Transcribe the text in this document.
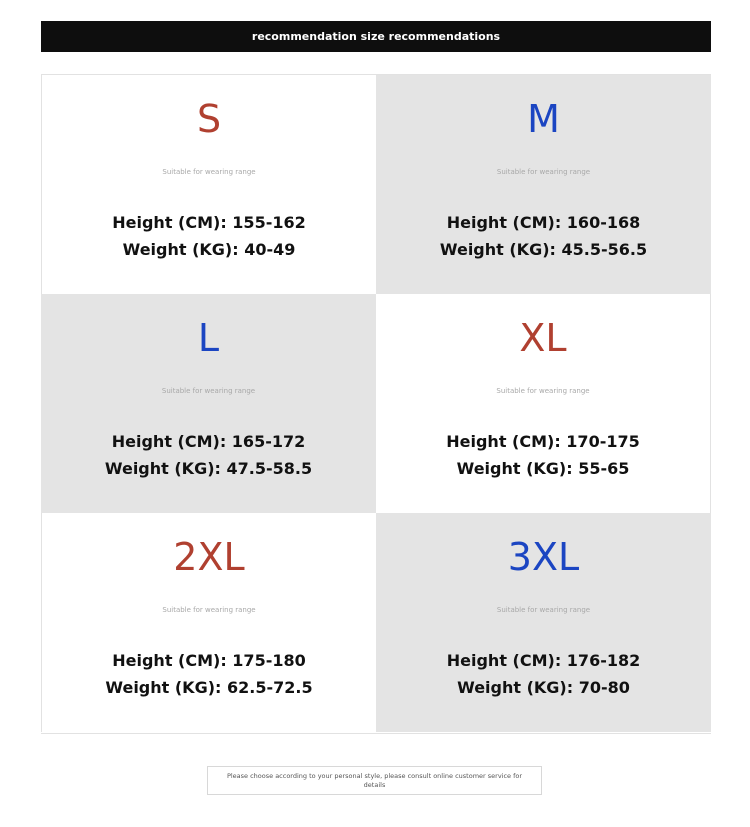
recommendation size recommendations
S
Suitable for wearing range
Height (CM): 155-162
Weight (KG): 40-49
M
Suitable for wearing range
Height (CM): 160-168
Weight (KG): 45.5-56.5
L
Suitable for wearing range
Height (CM): 165-172
Weight (KG): 47.5-58.5
XL
Suitable for wearing range
Height (CM): 170-175
Weight (KG): 55-65
2XL
Suitable for wearing range
Height (CM): 175-180
Weight (KG): 62.5-72.5
3XL
Suitable for wearing range
Height (CM): 176-182
Weight (KG): 70-80
Please choose according to your personal style, please consult online customer service for details
